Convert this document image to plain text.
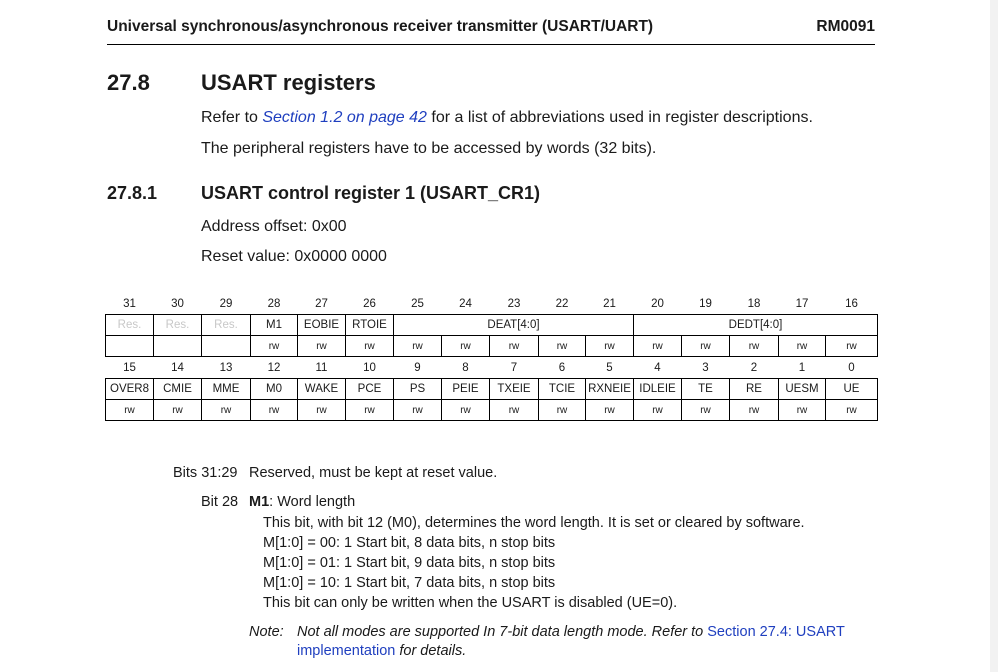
Universal synchronous/asynchronous receiver transmitter (USART/UART)	RM0091
27.8 USART registers
Refer to Section 1.2 on page 42 for a list of abbreviations used in register descriptions.
The peripheral registers have to be accessed by words (32 bits).
27.8.1 USART control register 1 (USART_CR1)
Address offset: 0x00
Reset value: 0x0000 0000
31	30	29	28	27	26	25	24	23	22	21	20	19	18	17	16
Res.	Res.	Res.	M1	EOBIE	RTOIE	DEAT[4:0]					DEDT[4:0]				
			rw	rw	rw	rw	rw	rw	rw	rw	rw	rw	rw	rw	rw
15	14	13	12	11	10	9	8	7	6	5	4	3	2	1	0
OVER8	CMIE	MME	M0	WAKE	PCE	PS	PEIE	TXEIE	TCIE	RXNEIE	IDLEIE	TE	RE	UESM	UE
rw	rw	rw	rw	rw	rw	rw	rw	rw	rw	rw	rw	rw	rw	rw	rw
Bits 31:29 Reserved, must be kept at reset value.
Bit 28 M1: Word length
This bit, with bit 12 (M0), determines the word length. It is set or cleared by software.
M[1:0] = 00: 1 Start bit, 8 data bits, n stop bits
M[1:0] = 01: 1 Start bit, 9 data bits, n stop bits
M[1:0] = 10: 1 Start bit, 7 data bits, n stop bits
This bit can only be written when the USART is disabled (UE=0).
Note: Not all modes are supported In 7-bit data length mode. Refer to Section 27.4: USART
implementation for details.
